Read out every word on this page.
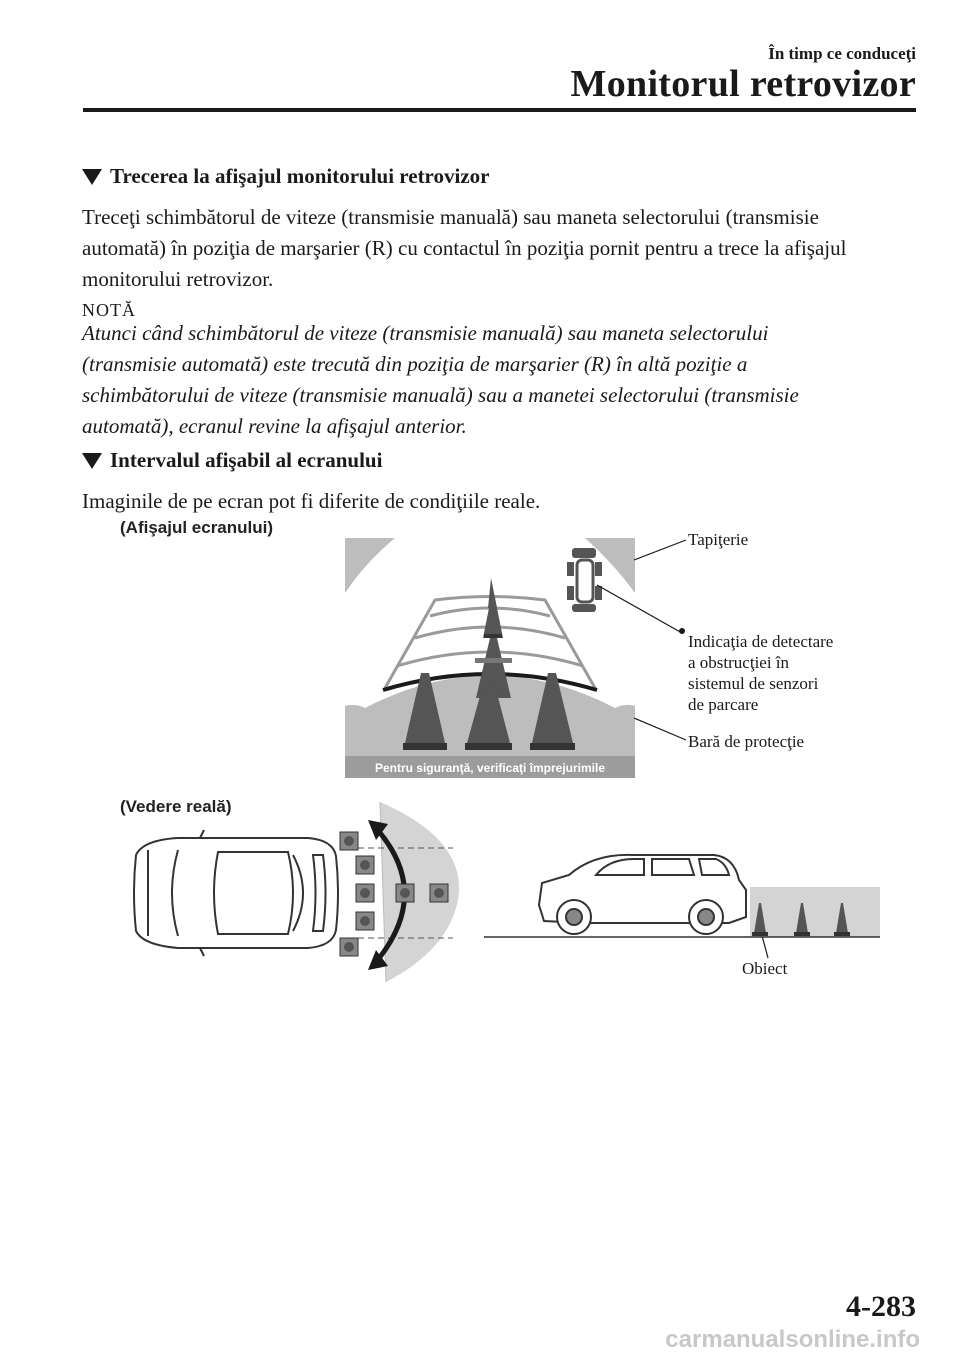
În timp ce conduceţi
Monitorul retrovizor
Trecerea la afişajul monitorului retrovizor
Treceţi schimbătorul de viteze (transmisie manuală) sau maneta selectorului (transmisie
automată) în poziţia de marşarier (R) cu contactul în poziţia pornit pentru a trece la afişajul
monitorului retrovizor.
NOTĂ
Atunci când schimbătorul de viteze (transmisie manuală) sau maneta selectorului
(transmisie automată) este trecută din poziţia de marşarier (R) în altă poziţie a
schimbătorului de viteze (transmisie manuală) sau a manetei selectorului (transmisie
automată), ecranul revine la afişajul anterior.
Intervalul afişabil al ecranului
Imaginile de pe ecran pot fi diferite de condiţiile reale.
(Afişajul ecranului)
(Vedere reală)
Pentru siguranţă, verificaţi împrejurimile
Tapiţerie
Indicaţia de detectare
a obstrucţiei în
sistemul de senzori
de parcare
Bară de protecţie
Obiect
4-283
carmanualsonline.info
